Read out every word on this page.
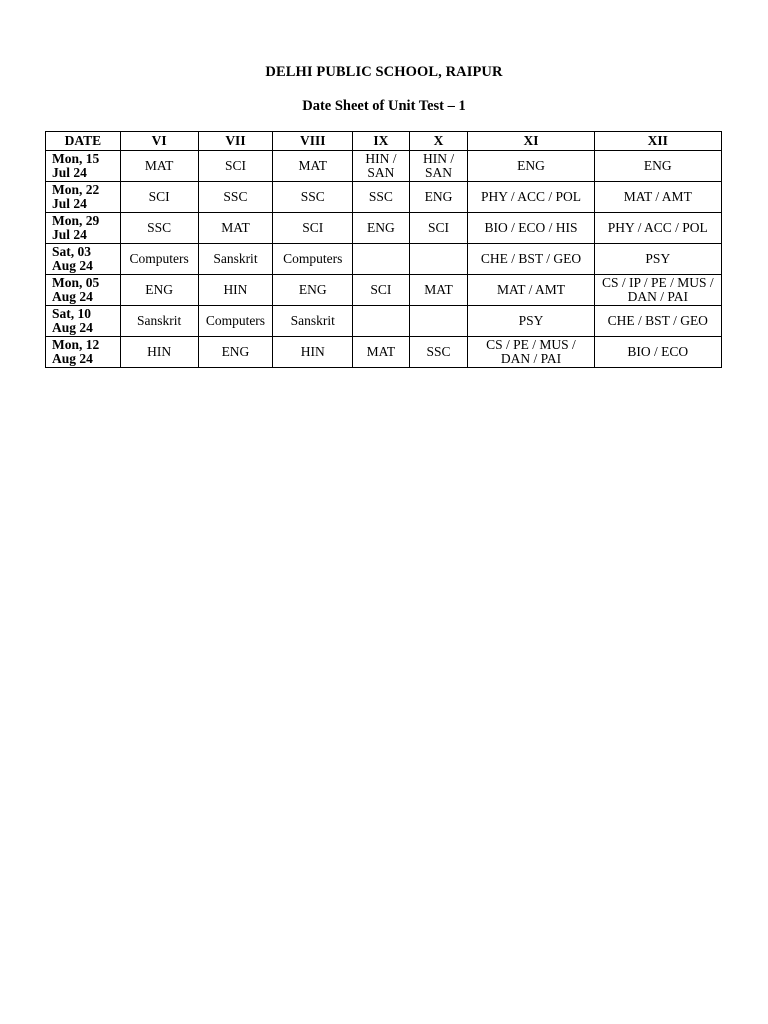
DELHI PUBLIC SCHOOL, RAIPUR
Date Sheet of Unit Test – 1
DATE	VI	VII	VIII	IX	X	XI	XII

Mon, 15
Jul 24	MAT	SCI	MAT	HIN / SAN	HIN / SAN	ENG	ENG

Mon, 22
Jul 24	SCI	SSC	SSC	SSC	ENG	PHY / ACC / POL	MAT / AMT

Mon, 29
Jul 24	SSC	MAT	SCI	ENG	SCI	BIO / ECO / HIS	PHY / ACC / POL

Sat, 03
Aug 24	Computers	Sanskrit	Computers			CHE / BST / GEO	PSY

Mon, 05
Aug 24	ENG	HIN	ENG	SCI	MAT	MAT / AMT	CS / IP / PE / MUS / DAN / PAI

Sat, 10
Aug 24	Sanskrit	Computers	Sanskrit			PSY	CHE / BST / GEO

Mon, 12
Aug 24	HIN	ENG	HIN	MAT	SSC	CS / PE / MUS / DAN / PAI	BIO / ECO
